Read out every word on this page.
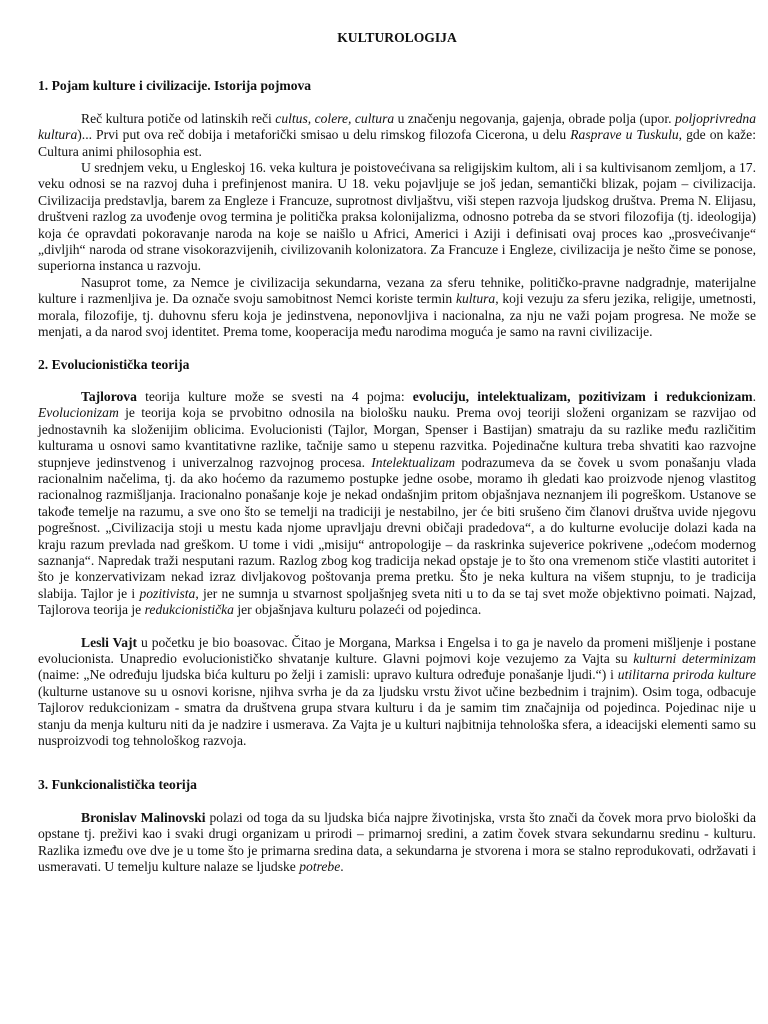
KULTUROLOGIJA
1. Pojam kulture i civilizacije. Istorija pojmova

Reč kultura potiče od latinskih reči cultus, colere, cultura u značenju negovanja, gajenja, obrade polja (upor. poljoprivredna kultura)... Prvi put ova reč dobija i metaforički smisao u delu rimskog filozofa Cicerona, u delu Rasprave u Tuskulu, gde on kaže: Cultura animi philosophia est.

U srednjem veku, u Engleskoj 16. veka kultura je poistovećivana sa religijskim kultom, ali i sa kultivisanom zemljom, a 17. veku odnosi se na razvoj duha i prefinjenost manira. U 18. veku pojavljuje se još jedan, semantički blizak, pojam – civilizacija. Civilizacija predstavlja, barem za Engleze i Francuze, suprotnost divljaštvu, viši stepen razvoja ljudskog društva. Prema N. Elijasu, društveni razlog za uvođenje ovog termina je politička praksa kolonijalizma, odnosno potreba da se stvori filozofija (tj. ideologija) koja će opravdati pokoravanje naroda na koje se naišlo u Africi, Americi i Aziji i definisati ovaj proces kao „prosvećivanje“ „divljih“ naroda od strane visokorazvijenih, civilizovanih kolonizatora. Za Francuze i Engleze, civilizacija je nešto čime se ponose, superiorna instanca u razvoju.

Nasuprot tome, za Nemce je civilizacija sekundarna, vezana za sferu tehnike, političko-pravne nadgradnje, materijalne kulture i razmenljiva je. Da označe svoju samobitnost Nemci koriste termin kultura, koji vezuju za sferu jezika, religije, umetnosti, morala, filozofije, tj. duhovnu sferu koja je jedinstvena, neponovljiva i nacionalna, za nju ne važi pojam progresa. Ne može se menjati, a da narod svoj identitet. Prema tome, kooperacija među narodima moguća je samo na ravni civilizacije.

2. Evolucionistička teorija

Tajlorova teorija kulture može se svesti na 4 pojma: evoluciju, intelektualizam, pozitivizam i redukcionizam. Evolucionizam je teorija koja se prvobitno odnosila na biološku nauku. Prema ovoj teoriji složeni organizam se razvijao od jednostavnih ka složenijim oblicima. Evolucionisti (Tajlor, Morgan, Spenser i Bastijan) smatraju da su razlike među različitim kulturama u osnovi samo kvantitativne razlike, tačnije samo u stepenu razvitka. Pojedinačne kultura treba shvatiti kao razvojne stupnjeve jedinstvenog i univerzalnog razvojnog procesa. Intelektualizam podrazumeva da se čovek u svom ponašanju vlada racionalnim načelima, tj. da ako hoćemo da razumemo postupke jedne osobe, moramo ih gledati kao proizvode njenog vlastitog racionalnog razmišljanja. Iracionalno ponašanje koje je nekad ondašnjim pritom objašnjava neznanjem ili pogreškom. Ustanove se takođe temelje na razumu, a sve ono što se temelji na tradiciji je nestabilno, jer će biti srušeno čim članovi društva uvide njegovu pogrešnost. „Civilizacija stoji u mestu kada njome upravljaju drevni običaji pradedova“, a do kulturne evolucije dolazi kada na kraju razum prevlada nad greškom. U tome i vidi „misiju“ antropologije – da raskrinka sujeverice pokrivene „odećom modernog saznanja“. Napredak traži nesputani razum. Razlog zbog kog tradicija nekad opstaje je to što ona vremenom stiče vlastiti autoritet i što je konzervativizam nekad izraz divljakovog poštovanja prema pretku. Što je neka kultura na višem stupnju, to je tradicija slabija. Tajlor je i pozitivista, jer ne sumnja u stvarnost spoljašnjeg sveta niti u to da se taj svet može objektivno poimati. Najzad, Tajlorova teorija je redukcionistička jer objašnjava kulturu polazeći od pojedinca.

Lesli Vajt u početku je bio boasovac. Čitao je Morgana, Marksa i Engelsa i to ga je navelo da promeni mišljenje i postane evolucionista. Unapredio evolucionističko shvatanje kulture. Glavni pojmovi koje vezujemo za Vajta su kulturni determinizam (naime: „Ne određuju ljudska bića kulturu po želji i zamisli: upravo kultura određuje ponašanje ljudi.“) i utilitarna priroda kulture (kulturne ustanove su u osnovi korisne, njihva svrha je da za ljudsku vrstu život učine bezbednim i trajnim). Osim toga, odbacuje Tajlorov redukcionizam - smatra da društvena grupa stvara kulturu i da je samim tim značajnija od pojedinca. Pojedinac nije u stanju da menja kulturu niti da je nadzire i usmerava. Za Vajta je u kulturi najbitnija tehnološka sfera, a ideacijski elementi samo su nusproizvodi tog tehnološkog razvoja.

3. Funkcionalistička teorija

Bronislav Malinovski polazi od toga da su ljudska bića najpre životinjska, vrsta što znači da čovek mora prvo biološki da opstane tj. preživi kao i svaki drugi organizam u prirodi – primarnoj sredini, a zatim čovek stvara sekundarnu sredinu - kulturu. Razlika između ove dve je u tome što je primarna sredina data, a sekundarna je stvorena i mora se stalno reprodukovati, održavati i usmeravati. U temelju kulture nalaze se ljudske potrebe.
